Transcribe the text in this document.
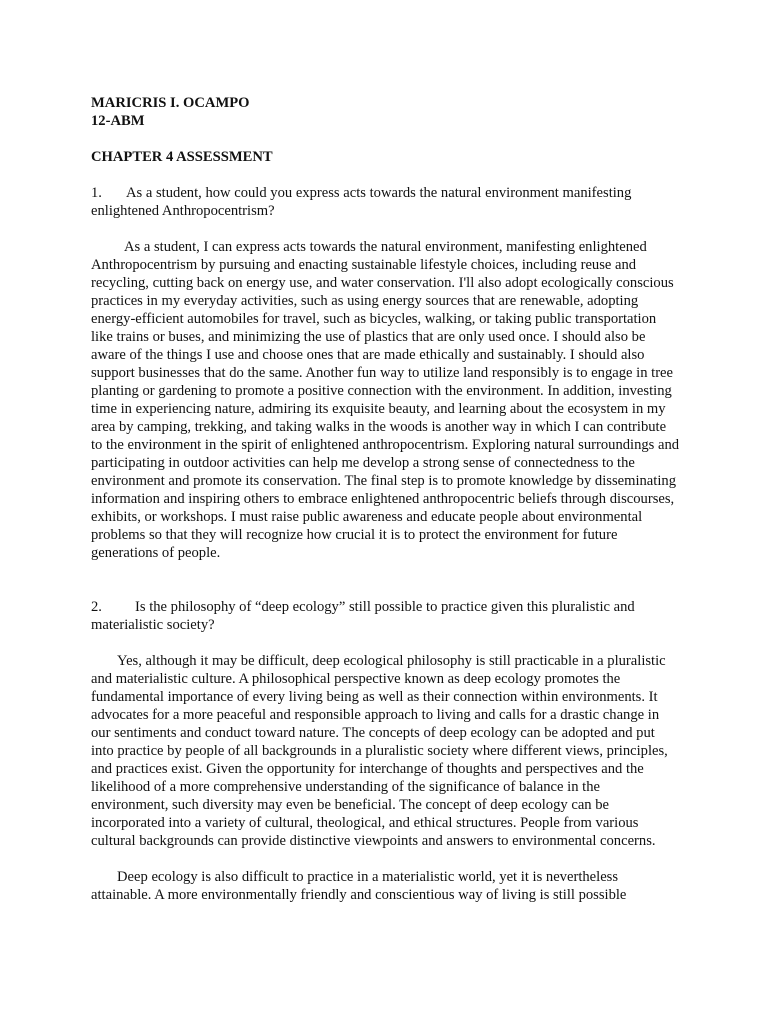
MARICRIS I. OCAMPO
12-ABM
CHAPTER 4 ASSESSMENT
1. As a student, how could you express acts towards the natural environment manifesting enlightened Anthropocentrism?

As a student, I can express acts towards the natural environment, manifesting enlightened Anthropocentrism by pursuing and enacting sustainable lifestyle choices, including reuse and recycling, cutting back on energy use, and water conservation. I'll also adopt ecologically conscious practices in my everyday activities, such as using energy sources that are renewable, adopting energy-efficient automobiles for travel, such as bicycles, walking, or taking public transportation like trains or buses, and minimizing the use of plastics that are only used once. I should also be aware of the things I use and choose ones that are made ethically and sustainably. I should also support businesses that do the same. Another fun way to utilize land responsibly is to engage in tree planting or gardening to promote a positive connection with the environment. In addition, investing time in experiencing nature, admiring its exquisite beauty, and learning about the ecosystem in my area by camping, trekking, and taking walks in the woods is another way in which I can contribute to the environment in the spirit of enlightened anthropocentrism. Exploring natural surroundings and participating in outdoor activities can help me develop a strong sense of connectedness to the environment and promote its conservation. The final step is to promote knowledge by disseminating information and inspiring others to embrace enlightened anthropocentric beliefs through discourses, exhibits, or workshops. I must raise public awareness and educate people about environmental problems so that they will recognize how crucial it is to protect the environment for future generations of people.

2. Is the philosophy of “deep ecology” still possible to practice given this pluralistic and materialistic society?

Yes, although it may be difficult, deep ecological philosophy is still practicable in a pluralistic and materialistic culture. A philosophical perspective known as deep ecology promotes the fundamental importance of every living being as well as their connection within environments. It advocates for a more peaceful and responsible approach to living and calls for a drastic change in our sentiments and conduct toward nature. The concepts of deep ecology can be adopted and put into practice by people of all backgrounds in a pluralistic society where different views, principles, and practices exist. Given the opportunity for interchange of thoughts and perspectives and the likelihood of a more comprehensive understanding of the significance of balance in the environment, such diversity may even be beneficial. The concept of deep ecology can be incorporated into a variety of cultural, theological, and ethical structures. People from various cultural backgrounds can provide distinctive viewpoints and answers to environmental concerns.

Deep ecology is also difficult to practice in a materialistic world, yet it is nevertheless attainable. A more environmentally friendly and conscientious way of living is still possible
